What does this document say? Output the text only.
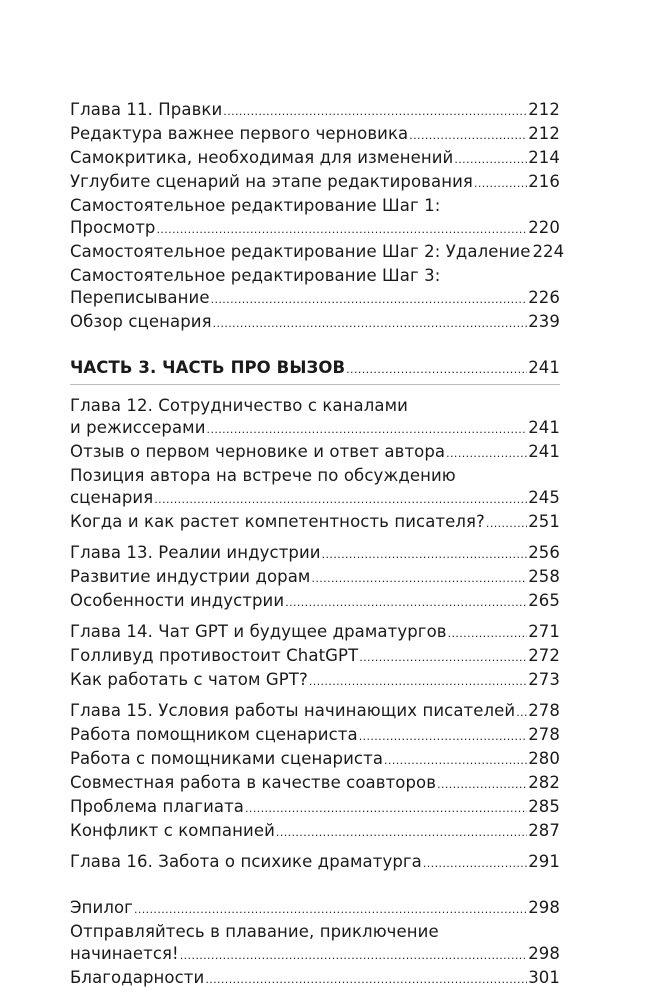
Глава 11. Правки .....	212
Редактура важнее первого черновика .....	212
Самокритика, необходимая для изменений .....	214
Углубите сценарий на этапе редактирования .....	216
Самостоятельное редактирование Шаг 1:
Просмотр .....	220
Самостоятельное редактирование Шаг 2: Удаление 224
Самостоятельное редактирование Шаг 3:
Переписывание .....	226
Обзор сценария .....	239
ЧАСТЬ 3. ЧАСТЬ ПРО ВЫЗОВ .....	241
Глава 12. Сотрудничество с каналами
и режиссерами .....	241
Отзыв о первом черновике и ответ автора .....	241
Позиция автора на встрече по обсуждению
сценария .....	245
Когда и как растет компетентность писателя? .....	251
Глава 13. Реалии индустрии .....	256
Развитие индустрии дорам .....	258
Особенности индустрии .....	265
Глава 14. Чат GPT и будущее драматургов .....	271
Голливуд противостоит ChatGPT .....	272
Как работать с чатом GPT? .....	273
Глава 15. Условия работы начинающих писателей ..... 278
Работа помощником сценариста .....	278
Работа с помощниками сценариста .....	280
Совместная работа в качестве соавторов .....	282
Проблема плагиата .....	285
Конфликт с компанией .....	287
Глава 16. Забота о психике драматурга .....	291
Эпилог .....	298
Отправляйтесь в плавание, приключение
начинается! .....	298
Благодарности .....	301
